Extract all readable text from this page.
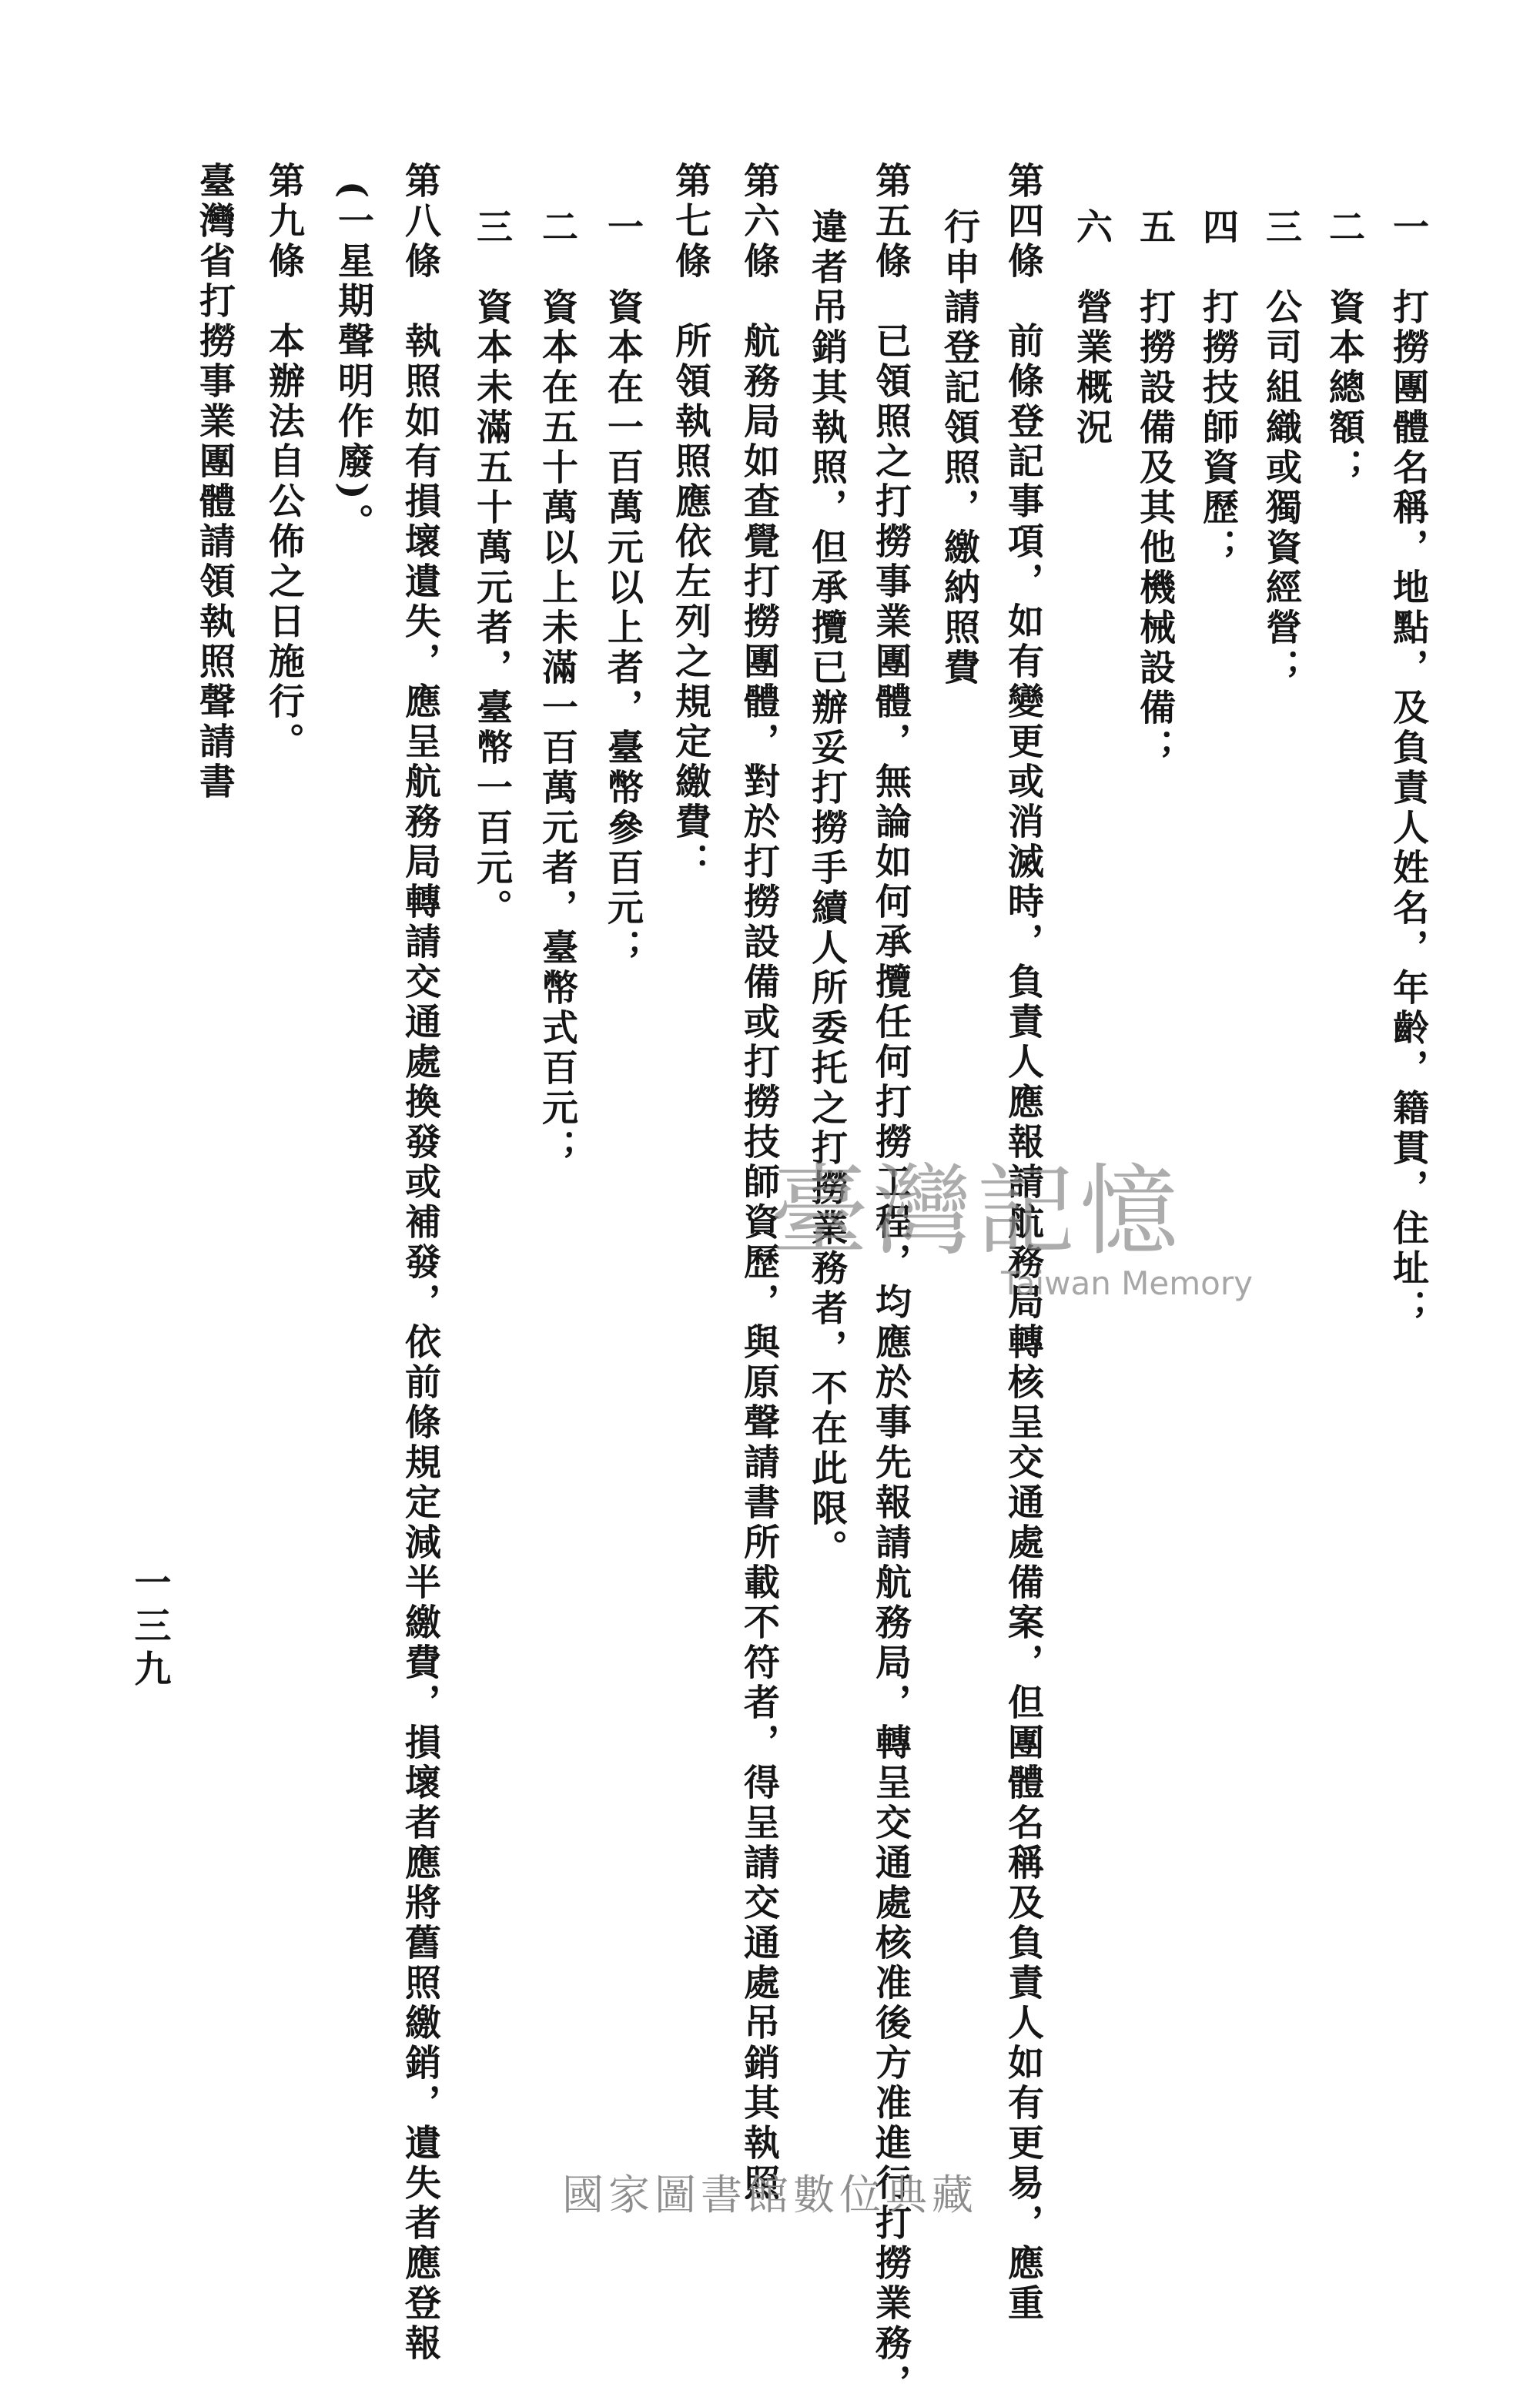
一　打撈團體名稱，地點，及負責人姓名，年齡，籍貫，住址；
二　資本總額；
三　公司組織或獨資經營；
四　打撈技師資歷；
五　打撈設備及其他機械設備；
六　營業概況
第四條　前條登記事項，如有變更或消滅時，負責人應報請航務局轉核呈交通處備案，但團體名稱及負責人如有更易，應重
行申請登記領照，繳納照費
第五條　已領照之打撈事業團體，無論如何承攬任何打撈工程，均應於事先報請航務局，轉呈交通處核准後方准進行打撈業務，
違者吊銷其執照，但承攬已辦妥打撈手續人所委托之打撈業務者，不在此限。
第六條　航務局如查覺打撈團體，對於打撈設備或打撈技師資歷，與原聲請書所載不符者，得呈請交通處吊銷其執照
第七條　所領執照應依左列之規定繳費：
一　資本在一百萬元以上者，臺幣參百元；
二　資本在五十萬以上未滿一百萬元者，臺幣式百元；
三　資本未滿五十萬元者，臺幣一百元。
第八條　執照如有損壞遺失，應呈航務局轉請交通處換發或補發，依前條規定減半繳費，損壞者應將舊照繳銷，遺失者應登報
(一星期聲明作廢)。
第九條　本辦法自公佈之日施行。
臺灣省打撈事業團體請領執照聲請書
一三九
臺灣記憶
Taiwan Memory
國家圖書館數位典藏
